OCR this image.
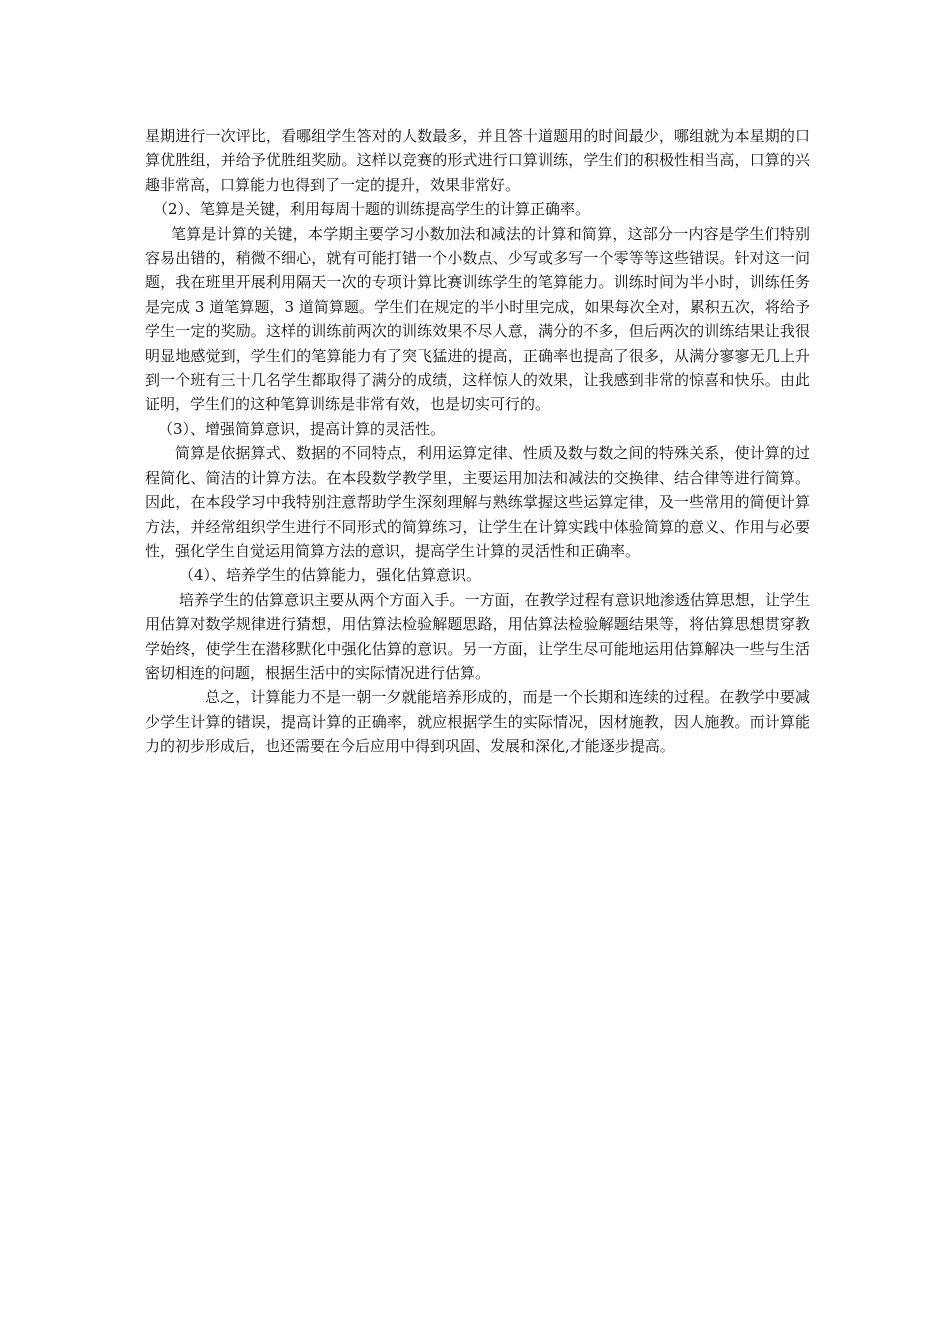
星期进行一次评比，看哪组学生答对的人数最多，并且答十道题用的时间最少，哪组就为本星期的口算优胜组，并给予优胜组奖励。这样以竞赛的形式进行口算训练，学生们的积极性相当高，口算的兴趣非常高，口算能力也得到了一定的提升，效果非常好。

（2）、笔算是关键，利用每周十题的训练提高学生的计算正确率。

笔算是计算的关键，本学期主要学习小数加法和减法的计算和简算，这部分一内容是学生们特别容易出错的，稍微不细心，就有可能打错一个小数点、少写或多写一个零等等这些错误。针对这一问题，我在班里开展利用隔天一次的专项计算比赛训练学生的笔算能力。训练时间为半小时，训练任务是完成 3 道笔算题，3 道简算题。学生们在规定的半小时里完成，如果每次全对，累积五次，将给予学生一定的奖励。这样的训练前两次的训练效果不尽人意，满分的不多，但后两次的训练结果让我很明显地感觉到，学生们的笔算能力有了突飞猛进的提高，正确率也提高了很多，从满分寥寥无几上升到一个班有三十几名学生都取得了满分的成绩，这样惊人的效果，让我感到非常的惊喜和快乐。由此证明，学生们的这种笔算训练是非常有效，也是切实可行的。

（3）、增强简算意识，提高计算的灵活性。

简算是依据算式、数据的不同特点，利用运算定律、性质及数与数之间的特殊关系，使计算的过程简化、简洁的计算方法。在本段数学教学里，主要运用加法和减法的交换律、结合律等进行简算。因此，在本段学习中我特别注意帮助学生深刻理解与熟练掌握这些运算定律，及一些常用的简便计算方法，并经常组织学生进行不同形式的简算练习，让学生在计算实践中体验简算的意义、作用与必要性，强化学生自觉运用简算方法的意识，提高学生计算的灵活性和正确率。

（4）、培养学生的估算能力，强化估算意识。

培养学生的估算意识主要从两个方面入手。一方面，在教学过程有意识地渗透估算思想，让学生用估算对数学规律进行猜想，用估算法检验解题思路，用估算法检验解题结果等，将估算思想贯穿教学始终，使学生在潜移默化中强化估算的意识。另一方面，让学生尽可能地运用估算解决一些与生活密切相连的问题，根据生活中的实际情况进行估算。

总之，计算能力不是一朝一夕就能培养形成的，而是一个长期和连续的过程。在教学中要减少学生计算的错误，提高计算的正确率，就应根据学生的实际情况，因材施教，因人施教。而计算能力的初步形成后，也还需要在今后应用中得到巩固、发展和深化,才能逐步提高。
